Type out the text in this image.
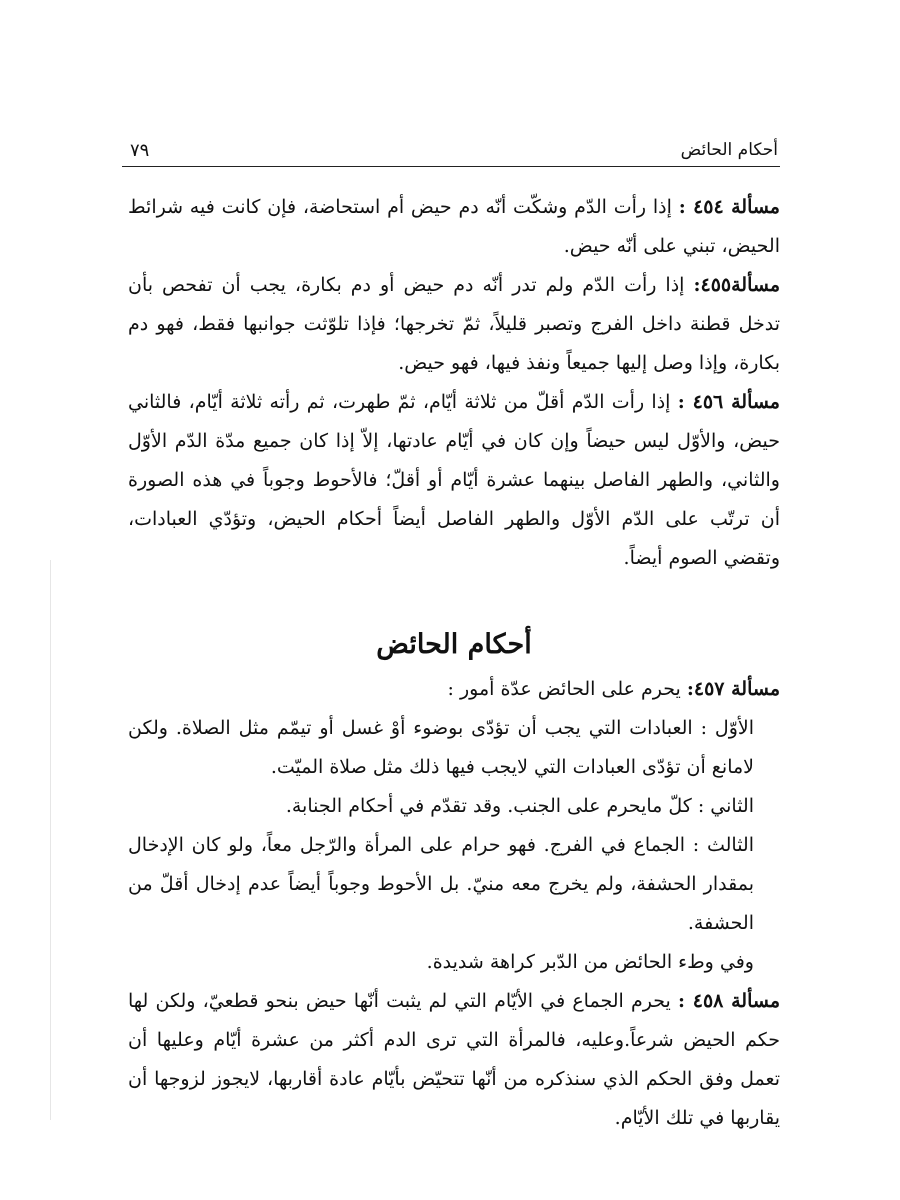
أحكام الحائض
٧٩

مسألة ٤٥٤ : إذا رأت الدّم وشكّت أنّه دم حيض أم استحاضة، فإن كانت فيه شرائط الحيض، تبني على أنّه حيض.

مسألة٤٥٥: إذا رأت الدّم ولم تدر أنّه دم حيض أو دم بكارة، يجب أن تفحص بأن تدخل قطنة داخل الفرج وتصبر قليلاً، ثمّ تخرجها؛ فإذا تلوّثت جوانبها فقط، فهو دم بكارة، وإذا وصل إليها جميعاً ونفذ فيها، فهو حيض.

مسألة ٤٥٦ : إذا رأت الدّم أقلّ من ثلاثة أيّام، ثمّ طهرت، ثم رأته ثلاثة أيّام، فالثاني حيض، والأوّل ليس حيضاً وإن كان في أيّام عادتها، إلاّ إذا كان جميع مدّة الدّم الأوّل والثاني، والطهر الفاصل بينهما عشرة أيّام أو أقلّ؛ فالأحوط وجوباً في هذه الصورة أن ترتّب على الدّم الأوّل والطهر الفاصل أيضاً أحكام الحيض، وتؤدّي العبادات، وتقضي الصوم أيضاً.

أحكام الحائض

مسألة ٤٥٧: يحرم على الحائض عدّة أمور :

الأوّل : العبادات التي يجب أن تؤدّى بوضوء أوْ غسل أو تيمّم مثل الصلاة. ولكن لامانع أن تؤدّى العبادات التي لايجب فيها ذلك مثل صلاة الميّت.

الثاني : كلّ مايحرم على الجنب. وقد تقدّم في أحكام الجنابة.

الثالث : الجماع في الفرج. فهو حرام على المرأة والرّجل معاً، ولو كان الإدخال بمقدار الحشفة، ولم يخرج معه منيّ. بل الأحوط وجوباً أيضاً عدم إدخال أقلّ من الحشفة.

وفي وطء الحائض من الدّبر كراهة شديدة.

مسألة ٤٥٨ : يحرم الجماع في الأيّام التي لم يثبت أنّها حيض بنحو قطعيّ، ولكن لها حكم الحيض شرعاً.وعليه، فالمرأة التي ترى الدم أكثر من عشرة أيّام وعليها أن تعمل وفق الحكم الذي سنذكره من أنّها تتحيّض بأيّام عادة أقاربها، لايجوز لزوجها أن يقاربها في تلك الأيّام.
